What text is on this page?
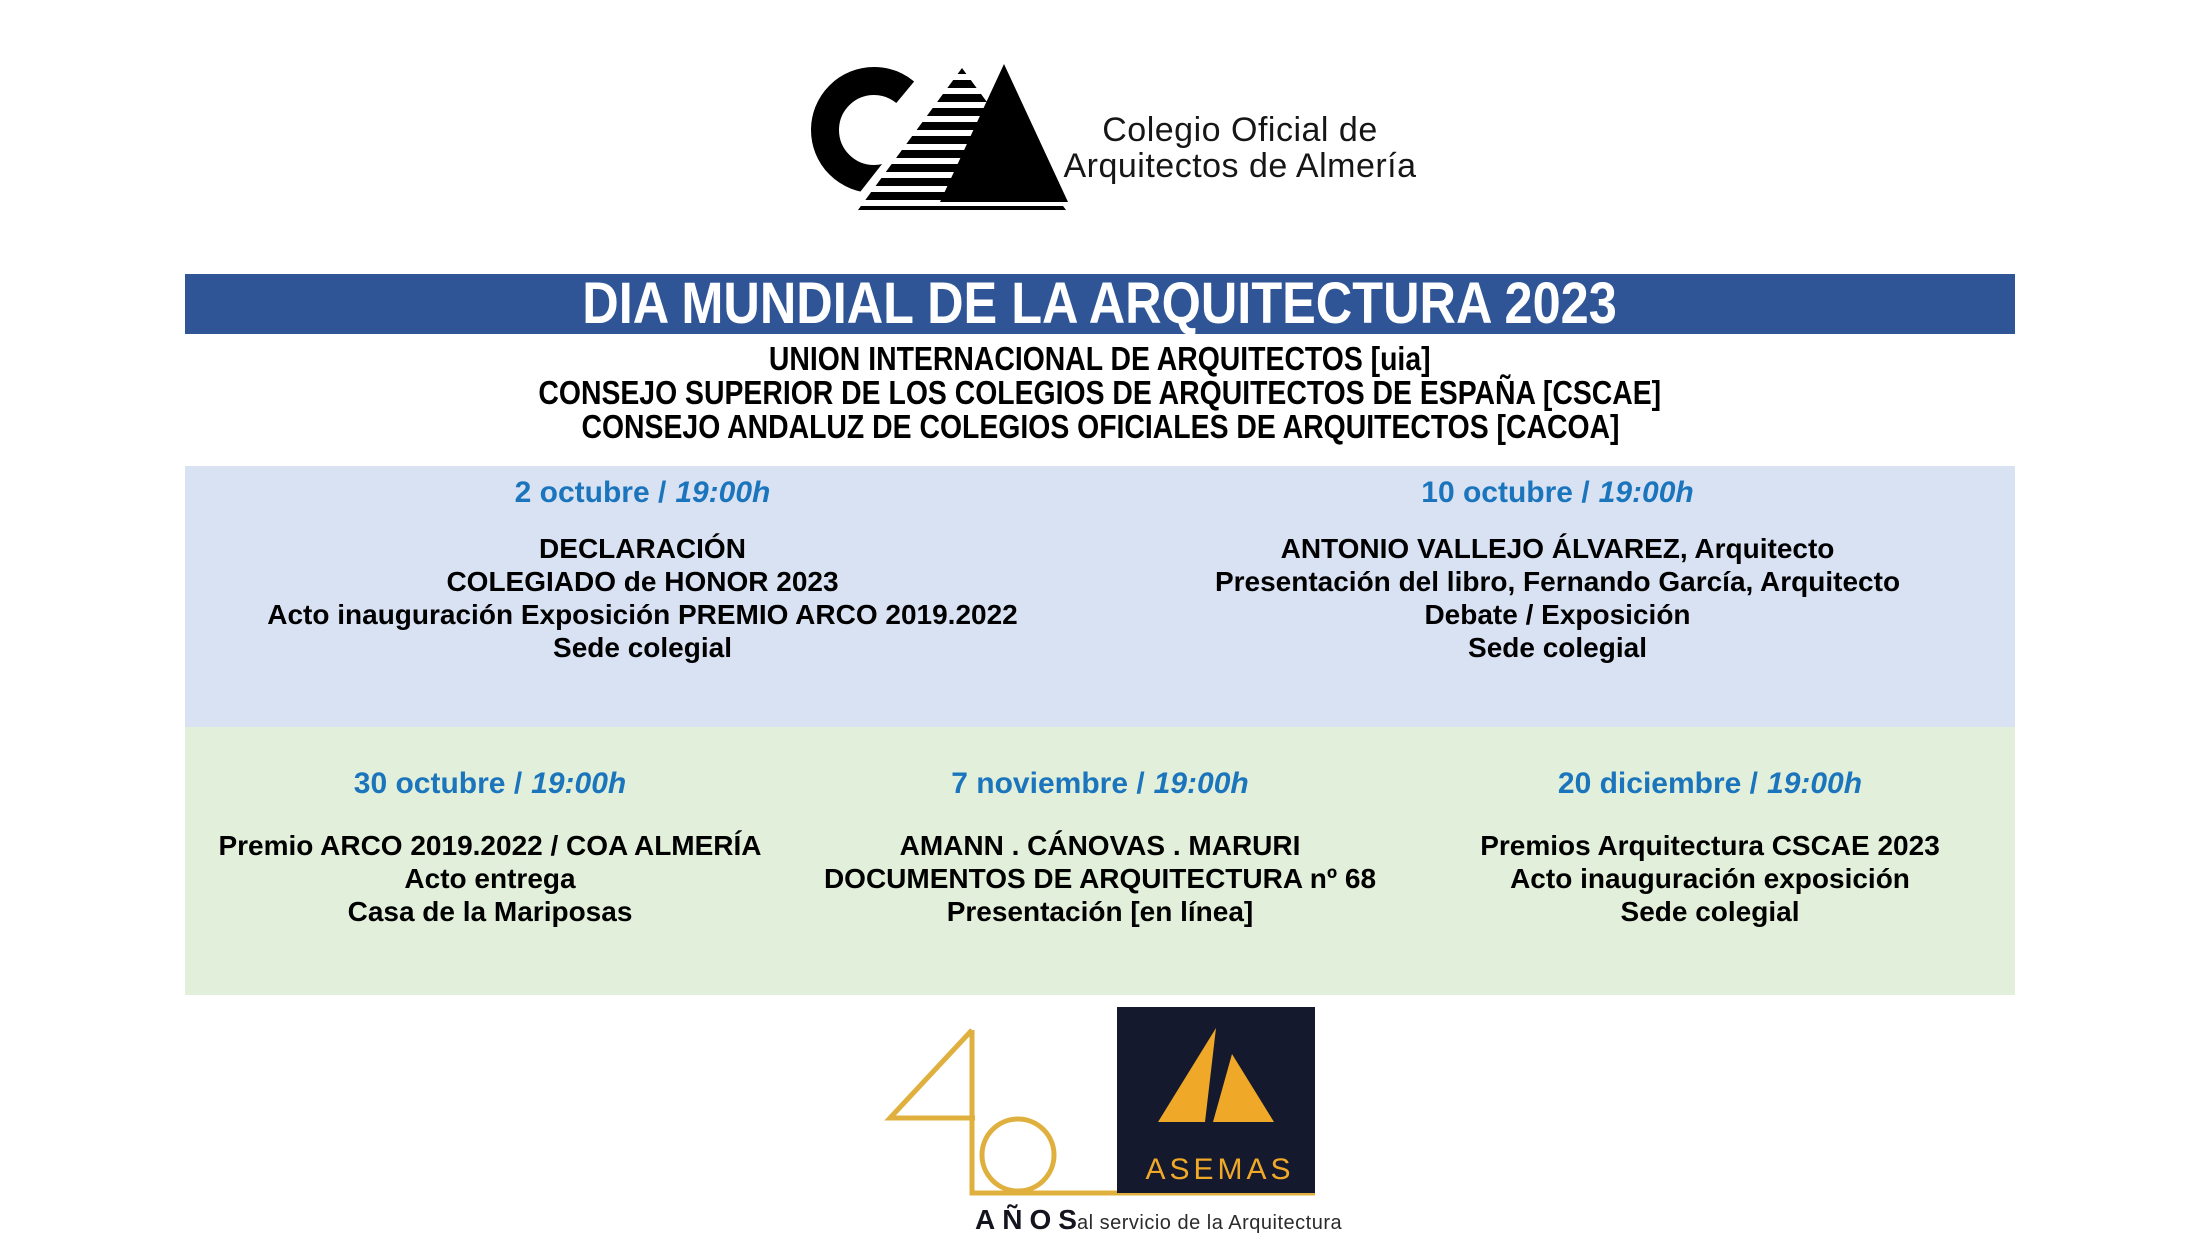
Colegio Oficial de
Arquitectos de Almería
DIA MUNDIAL DE LA ARQUITECTURA 2023
UNION INTERNACIONAL DE ARQUITECTOS [uia]
CONSEJO SUPERIOR DE LOS COLEGIOS DE ARQUITECTOS DE ESPAÑA [CSCAE]
CONSEJO ANDALUZ DE COLEGIOS OFICIALES DE ARQUITECTOS [CACOA]
2 octubre / 19:00h
DECLARACIÓN
COLEGIADO de HONOR 2023
Acto inauguración Exposición PREMIO ARCO 2019.2022
Sede colegial
10 octubre / 19:00h
ANTONIO VALLEJO ÁLVAREZ, Arquitecto
Presentación del libro, Fernando García, Arquitecto
Debate / Exposición
Sede colegial
30 octubre / 19:00h
Premio ARCO 2019.2022 / COA ALMERÍA
Acto entrega
Casa de la Mariposas
7 noviembre / 19:00h
AMANN . CÁNOVAS . MARURI
DOCUMENTOS DE ARQUITECTURA nº 68
Presentación [en línea]
20 diciembre / 19:00h
Premios Arquitectura CSCAE 2023
Acto inauguración exposición
Sede colegial
ASEMAS
AÑOS
al servicio de la Arquitectura
